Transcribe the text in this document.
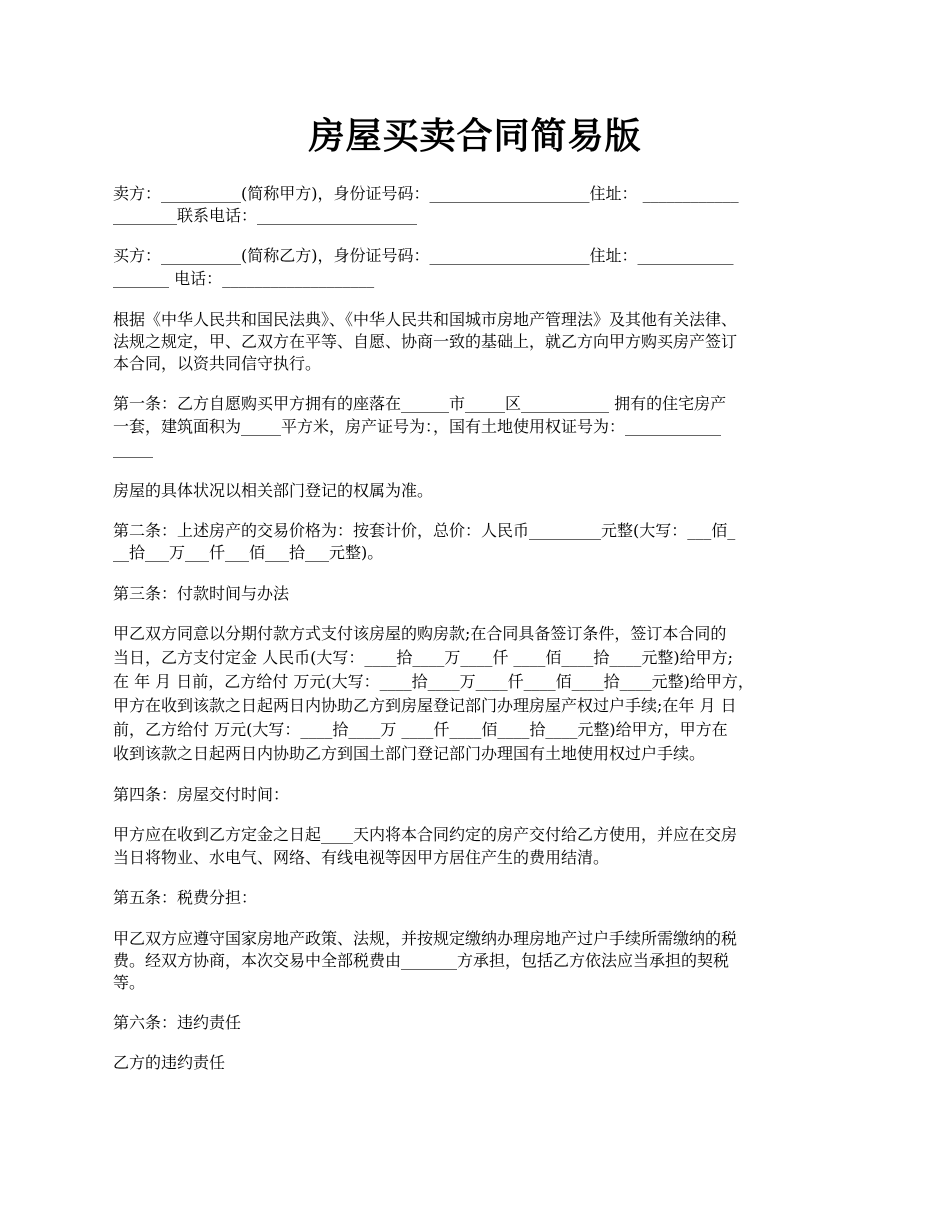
房屋买卖合同简易版
卖方：__________(简称甲方)，身份证号码：____________________住址： ____________
________联系电话：____________________
买方：__________(简称乙方)，身份证号码：____________________住址：____________
_______ 电话：___________________
根据《中华人民共和国民法典》、《中华人民共和国城市房地产管理法》及其他有关法律、
法规之规定，甲、乙双方在平等、自愿、协商一致的基础上，就乙方向甲方购买房产签订
本合同，以资共同信守执行。
第一条：乙方自愿购买甲方拥有的座落在______市_____区___________ 拥有的住宅房产
一套，建筑面积为_____平方米，房产证号为：，国有土地使用权证号为：____________
_____
房屋的具体状况以相关部门登记的权属为准。
第二条：上述房产的交易价格为：按套计价，总价：人民币_________元整(大写：___佰_
__拾___万___仟___佰___拾___元整)。
第三条：付款时间与办法
甲乙双方同意以分期付款方式支付该房屋的购房款;在合同具备签订条件，签订本合同的
当日，乙方支付定金 人民币(大写：____拾____万____仟 ____佰____拾____元整)给甲方;
在 年 月 日前，乙方给付 万元(大写：____拾____万____仟____佰____拾____元整)给甲方，
甲方在收到该款之日起两日内协助乙方到房屋登记部门办理房屋产权过户手续;在年 月 日
前，乙方给付 万元(大写：____拾____万 ____仟____佰____拾____元整)给甲方，甲方在
收到该款之日起两日内协助乙方到国土部门登记部门办理国有土地使用权过户手续。
第四条：房屋交付时间：
甲方应在收到乙方定金之日起____天内将本合同约定的房产交付给乙方使用，并应在交房
当日将物业、水电气、网络、有线电视等因甲方居住产生的费用结清。
第五条：税费分担：
甲乙双方应遵守国家房地产政策、法规，并按规定缴纳办理房地产过户手续所需缴纳的税
费。经双方协商，本次交易中全部税费由_______方承担，包括乙方依法应当承担的契税
等。
第六条：违约责任
乙方的违约责任
